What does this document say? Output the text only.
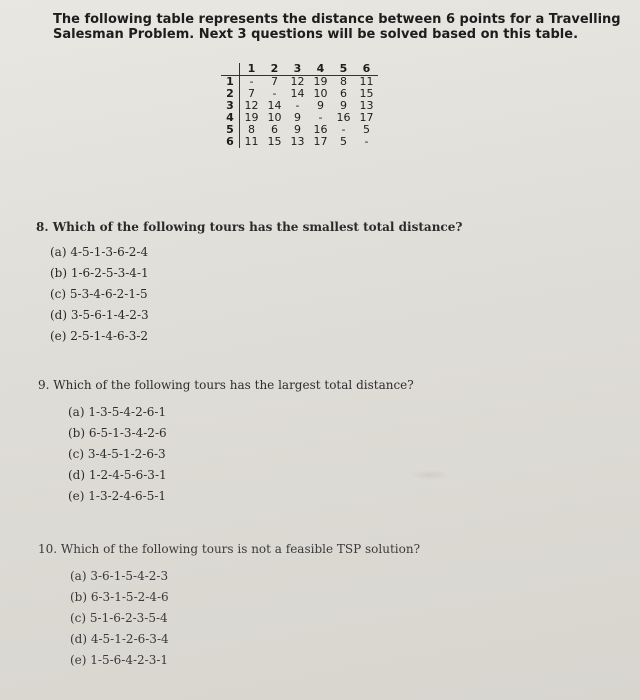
The following table represents the distance between 6 points for a Travelling Salesman Problem. Next 3 questions will be solved based on this table.
	1	2	3	4	5	6
1	-	7	12	19	8	11
2	7	-	14	10	6	15
3	12	14	-	9	9	13
4	19	10	9	-	16	17
5	8	6	9	16	-	5
6	11	15	13	17	5	-
8. Which of the following tours has the smallest total distance?
(a) 4-5-1-3-6-2-4
(b) 1-6-2-5-3-4-1
(c) 5-3-4-6-2-1-5
(d) 3-5-6-1-4-2-3
(e) 2-5-1-4-6-3-2
9. Which of the following tours has the largest total distance?
(a) 1-3-5-4-2-6-1
(b) 6-5-1-3-4-2-6
(c) 3-4-5-1-2-6-3
(d) 1-2-4-5-6-3-1
(e) 1-3-2-4-6-5-1
10. Which of the following tours is not a feasible TSP solution?
(a) 3-6-1-5-4-2-3
(b) 6-3-1-5-2-4-6
(c) 5-1-6-2-3-5-4
(d) 4-5-1-2-6-3-4
(e) 1-5-6-4-2-3-1
